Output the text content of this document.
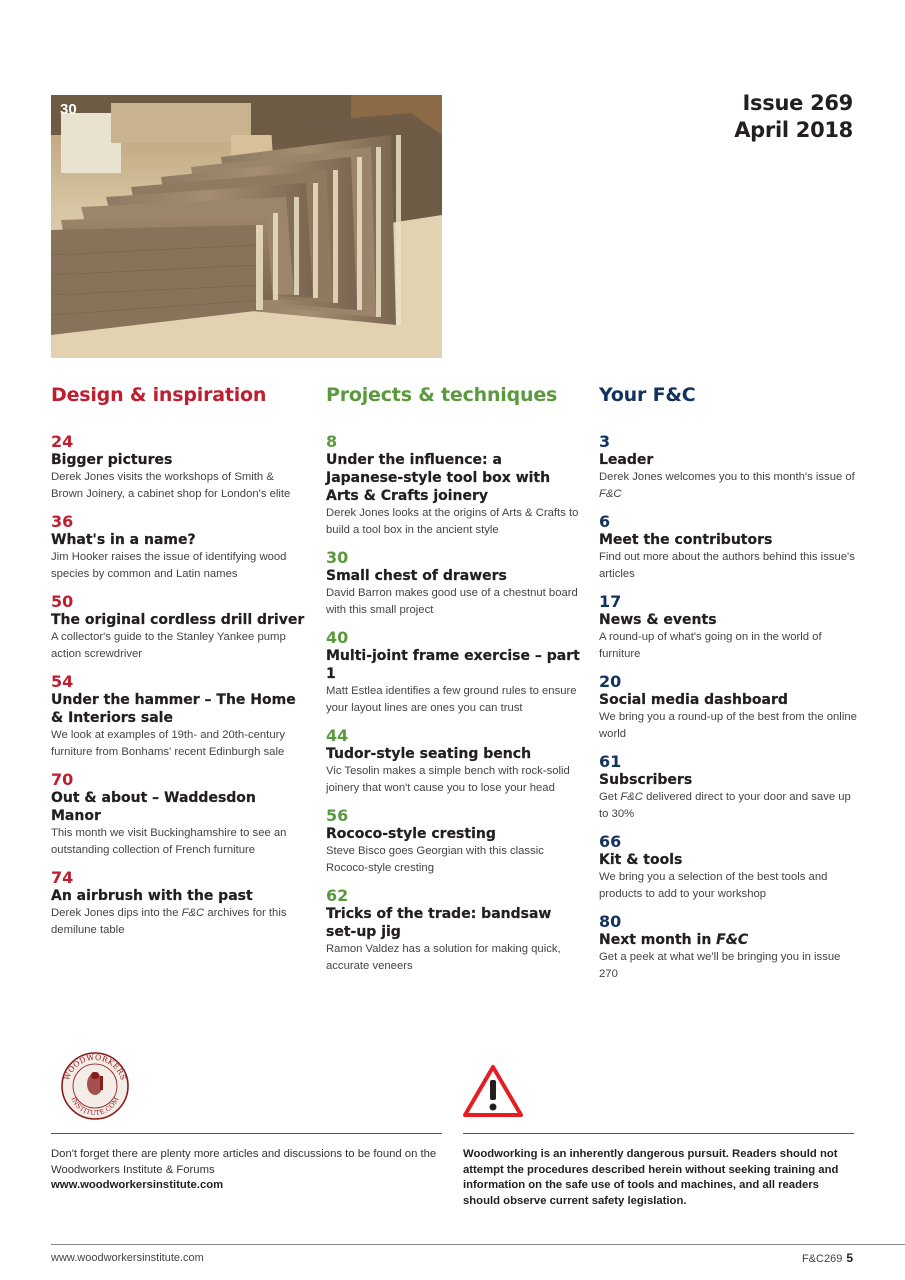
30	Issue 269
April 2018
Design & inspiration
24
Bigger pictures
Derek Jones visits the workshops of Smith & Brown Joinery, a cabinet shop for London's elite
36
What's in a name?
Jim Hooker raises the issue of identifying wood species by common and Latin names
50
The original cordless drill driver
A collector's guide to the Stanley Yankee pump action screwdriver
54
Under the hammer – The Home & Interiors sale
We look at examples of 19th- and 20th-century furniture from Bonhams' recent Edinburgh sale
70
Out & about – Waddesdon Manor
This month we visit Buckinghamshire to see an outstanding collection of French furniture
74
An airbrush with the past
Derek Jones dips into the F&C archives for this demilune table
Projects & techniques
8
Under the influence: a Japanese-style tool box with Arts & Crafts joinery
Derek Jones looks at the origins of Arts & Crafts to build a tool box in the ancient style
30
Small chest of drawers
David Barron makes good use of a chestnut board with this small project
40
Multi-joint frame exercise – part 1
Matt Estlea identifies a few ground rules to ensure your layout lines are ones you can trust
44
Tudor-style seating bench
Vic Tesolin makes a simple bench with rock-solid joinery that won't cause you to lose your head
56
Rococo-style cresting
Steve Bisco goes Georgian with this classic Rococo-style cresting
62
Tricks of the trade: bandsaw set-up jig
Ramon Valdez has a solution for making quick, accurate veneers
Your F&C
3
Leader
Derek Jones welcomes you to this month's issue of F&C
6
Meet the contributors
Find out more about the authors behind this issue's articles
17
News & events
A round-up of what's going on in the world of furniture
20
Social media dashboard
We bring you a round-up of the best from the online world
61
Subscribers
Get F&C delivered direct to your door and save up to 30%
66
Kit & tools
We bring you a selection of the best tools and products to add to your workshop
80
Next month in F&C
Get a peek at what we'll be bringing you in issue 270
WOODWORKERS
INSTITUTE.COM
Don't forget there are plenty more articles and discussions to be found on the Woodworkers Institute & Forums
www.woodworkersinstitute.com
Woodworking is an inherently dangerous pursuit. Readers should not attempt the procedures described herein without seeking training and information on the safe use of tools and machines, and all readers should observe current safety legislation.
www.woodworkersinstitute.com	F&C269 5
